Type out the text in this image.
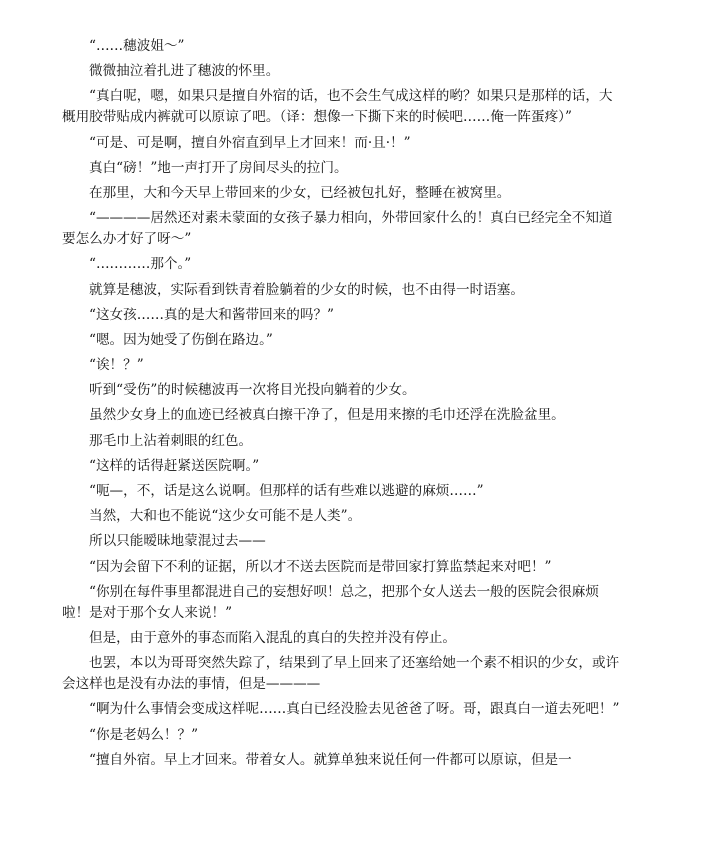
“……穗波姐～”

微微抽泣着扎进了穗波的怀里。

“真白呢，嗯，如果只是擅自外宿的话，也不会生气成这样的哟？如果只是那样的话，大概用胶带贴成内裤就可以原谅了吧。（译：想像一下撕下来的时候吧……俺一阵蛋疼）”

“可是、可是啊，擅自外宿直到早上才回来！而·且·！”

真白“磅！”地一声打开了房间尽头的拉门。

在那里，大和今天早上带回来的少女，已经被包扎好，整睡在被窝里。

“————居然还对素未蒙面的女孩子暴力相向，外带回家什么的！真白已经完全不知道要怎么办才好了呀～”

“…………那个。”

就算是穗波，实际看到铁青着脸躺着的少女的时候，也不由得一时语塞。

“这女孩……真的是大和酱带回来的吗？”

“嗯。因为她受了伤倒在路边。”

“诶！？”

听到“受伤”的时候穗波再一次将目光投向躺着的少女。

虽然少女身上的血迹已经被真白擦干净了，但是用来擦的毛巾还浮在洗脸盆里。

那毛巾上沾着刺眼的红色。

“这样的话得赶紧送医院啊。”

“呃—，不，话是这么说啊。但那样的话有些难以逃避的麻烦……”

当然，大和也不能说“这少女可能不是人类”。

所以只能暧昧地蒙混过去——

“因为会留下不利的证据，所以才不送去医院而是带回家打算监禁起来对吧！”

“你别在每件事里都混进自己的妄想好呗！总之，把那个女人送去一般的医院会很麻烦啦！是对于那个女人来说！”

但是，由于意外的事态而陷入混乱的真白的失控并没有停止。

也罢，本以为哥哥突然失踪了，结果到了早上回来了还塞给她一个素不相识的少女，或许会这样也是没有办法的事情，但是————

“啊为什么事情会变成这样呢……真白已经没脸去见爸爸了呀。哥，跟真白一道去死吧！”

“你是老妈么！？”

“擅自外宿。早上才回来。带着女人。就算单独来说任何一件都可以原谅，但是一
